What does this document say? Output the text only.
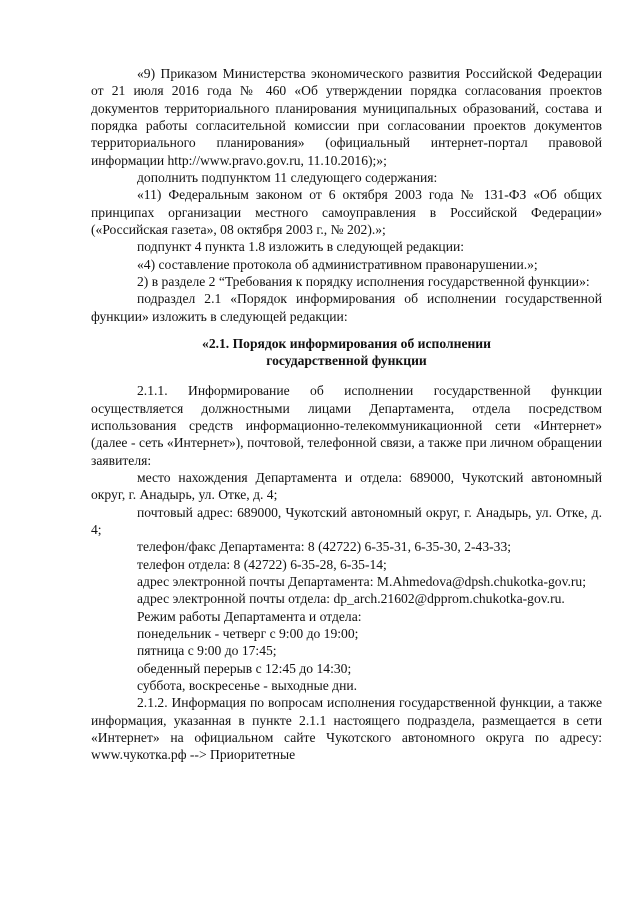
«9) Приказом Министерства экономического развития Российской Федерации от 21 июля 2016 года № 460 «Об утверждении порядка согласования проектов документов территориального планирования муниципальных образований, состава и порядка работы согласительной комиссии при согласовании проектов документов территориального планирования» (официальный интернет-портал правовой информации http://www.pravo.gov.ru, 11.10.2016);»;

дополнить подпунктом 11 следующего содержания:

«11) Федеральным законом от 6 октября 2003 года № 131-ФЗ «Об общих принципах организации местного самоуправления в Российской Федерации» («Российская газета», 08 октября 2003 г., № 202).»;

подпункт 4 пункта 1.8 изложить в следующей редакции:

«4) составление протокола об административном правонарушении.»;

2) в разделе 2 “Требования к порядку исполнения государственной функции»:

подраздел 2.1 «Порядок информирования об исполнении государственной функции» изложить в следующей редакции:

«2.1. Порядок информирования об исполнении
государственной функции

2.1.1. Информирование об исполнении государственной функции осуществляется должностными лицами Департамента, отдела посредством использования средств информационно-телекоммуникационной сети «Интернет» (далее - сеть «Интернет»), почтовой, телефонной связи, а также при личном обращении заявителя:

место нахождения Департамента и отдела: 689000, Чукотский автономный округ, г. Анадырь, ул. Отке, д. 4;

почтовый адрес: 689000, Чукотский автономный округ, г. Анадырь, ул. Отке, д. 4;

телефон/факс Департамента: 8 (42722) 6-35-31, 6-35-30, 2-43-33;

телефон отдела: 8 (42722) 6-35-28, 6-35-14;

адрес электронной почты Департамента: M.Ahmedova@dpsh.chukotka-gov.ru;

адрес электронной почты отдела: dp_arch.21602@dpprom.chukotka-gov.ru.

Режим работы Департамента и отдела:

понедельник - четверг с 9:00 до 19:00;

пятница с 9:00 до 17:45;

обеденный перерыв с 12:45 до 14:30;

суббота, воскресенье - выходные дни.

2.1.2. Информация по вопросам исполнения государственной функции, а также информация, указанная в пункте 2.1.1 настоящего подраздела, размещается в сети «Интернет» на официальном сайте Чукотского автономного округа по адресу: www.чукотка.рф --> Приоритетные
